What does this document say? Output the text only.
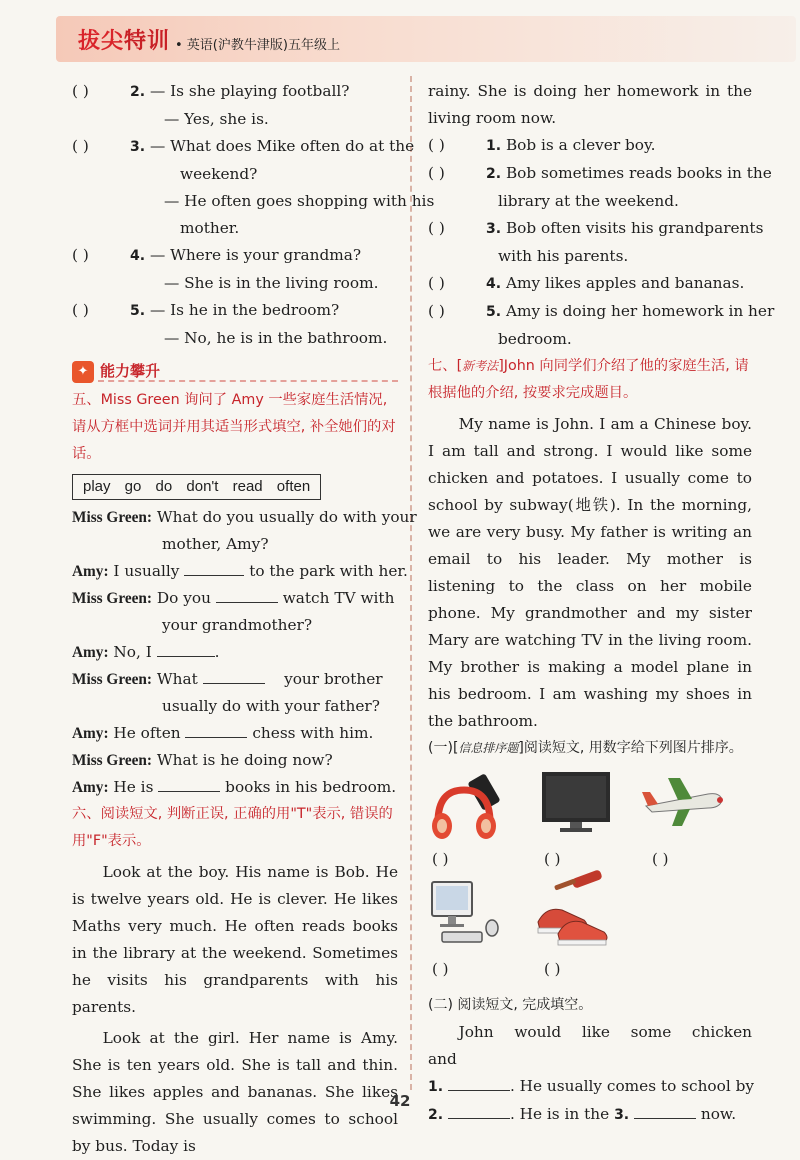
拔尖特训 • 英语(沪教牛津版)五年级上
( )	2. — Is she playing football?
— Yes, she is.
( )	3. — What does Mike often do at the
weekend?
— He often goes shopping with his
mother.
( )	4. — Where is your grandma?
— She is in the living room.
( )	5. — Is he in the bedroom?
— No, he is in the bathroom.
✦ 能力攀升
五、Miss Green 询问了 Amy 一些家庭生活情况, 请从方框中选词并用其适当形式填空, 补全她们的对话。
play go do don't read often
Miss Green: What do you usually do with your
mother, Amy?
Amy: I usually	to the park with her.
Miss Green: Do you	watch TV with
your grandmother?
Amy: No, I	.
Miss Green: What	your brother
usually do with your father?
Amy: He often	chess with him.
Miss Green: What is he doing now?
Amy: He is	books in his bedroom.
六、阅读短文, 判断正误, 正确的用"T"表示, 错误的用"F"表示。
Look at the boy. His name is Bob. He is twelve years old. He is clever. He likes Maths very much. He often reads books in the library at the weekend. Sometimes he visits his grandparents with his parents.
Look at the girl. Her name is Amy. She is ten years old. She is tall and thin. She likes apples and bananas. She likes swimming. She usually comes to school by bus. Today is
rainy. She is doing her homework in the living room now.
( )	1. Bob is a clever boy.
( )	2. Bob sometimes reads books in the
library at the weekend.
( )	3. Bob often visits his grandparents
with his parents.
( )	4. Amy likes apples and bananas.
( )	5. Amy is doing her homework in her
bedroom.
七、[新考法]John 向同学们介绍了他的家庭生活, 请根据他的介绍, 按要求完成题目。
My name is John. I am a Chinese boy. I am tall and strong. I would like some chicken and potatoes. I usually come to school by subway(地铁). In the morning, we are very busy. My father is writing an email to his leader. My mother is listening to the class on her mobile phone. My grandmother and my sister Mary are watching TV in the living room. My brother is making a model plane in his bedroom. I am washing my shoes in the bathroom.
(一)[信息排序题]阅读短文, 用数字给下列图片排序。
( )	( )	( )
( )	( )
(二) 阅读短文, 完成填空。
John would like some chicken and
1.	. He usually comes to school by
2.	. He is in the 3.	now.
42
